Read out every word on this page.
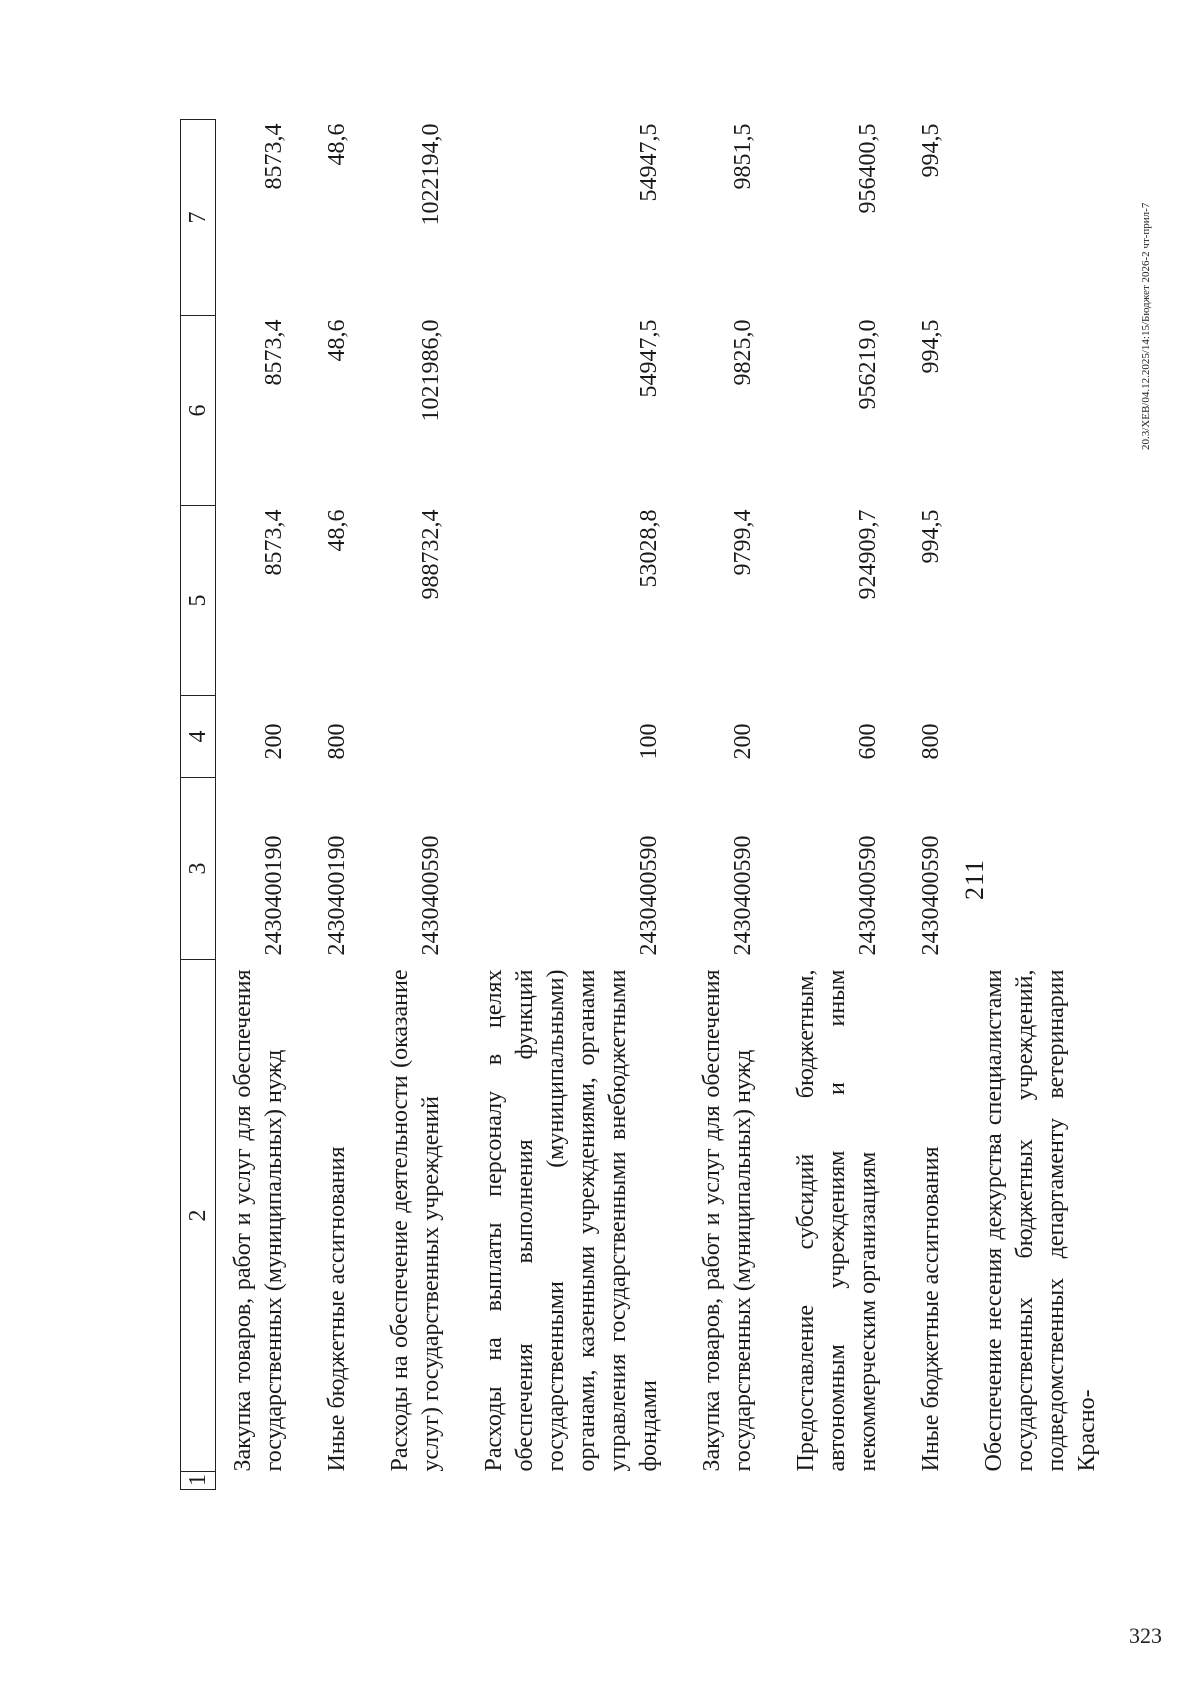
211
1	2	3	4	5	6	7
	Закупка товаров, работ и услуг для обеспечения государственных (муниципальных) нужд	2430400190	200	8573,4	8573,4	8573,4
	Иные бюджетные ассигнования	2430400190	800	48,6	48,6	48,6
	Расходы на обеспечение деятельности (оказание услуг) государственных учреждений	2430400590		988732,4	1021986,0	1022194,0
	Расходы на выплаты персоналу в целях обеспечения выполнения функций государственными (муниципальными) органами, казенными учреждениями, органами управления государственными внебюджетными фондами	2430400590	100	53028,8	54947,5	54947,5
	Закупка товаров, работ и услуг для обеспечения государственных (муниципальных) нужд	2430400590	200	9799,4	9825,0	9851,5
	Предоставление субсидий бюджетным, автономным учреждениям и иным некоммерческим организациям	2430400590	600	924909,7	956219,0	956400,5
	Иные бюджетные ассигнования	2430400590	800	994,5	994,5	994,5
	Обеспечение несения дежурства специалистами государственных бюджетных учреждений, подведомственных департаменту ветеринарии Красно-					
20.3/ХЕВ/04.12.2025/14:15/Бюджет 2026-2 чт-прил-7
323
